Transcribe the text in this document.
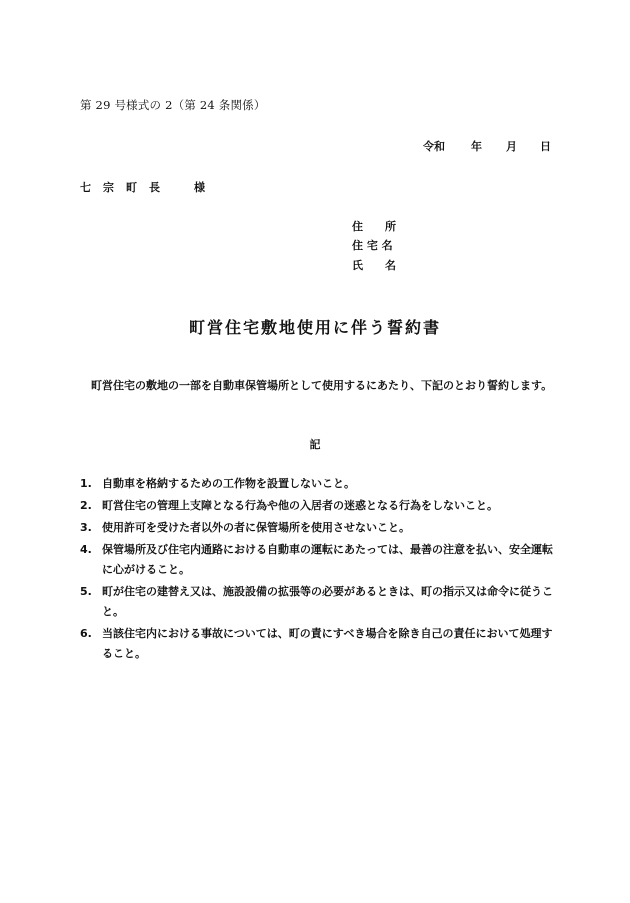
第 29 号様式の 2（第 24 条関係）
令和 年 月 日
七 宗 町 長	様
住　　所
住 宅 名
氏　　名
町営住宅敷地使用に伴う誓約書
町営住宅の敷地の一部を自動車保管場所として使用するにあたり、下記のとおり誓約します。
記
1. 自動車を格納するための工作物を設置しないこと。
2. 町営住宅の管理上支障となる行為や他の入居者の迷惑となる行為をしないこと。
3. 使用許可を受けた者以外の者に保管場所を使用させないこと。
4. 保管場所及び住宅内通路における自動車の運転にあたっては、最善の注意を払い、安全運転に心がけること。
5. 町が住宅の建替え又は、施設設備の拡張等の必要があるときは、町の指示又は命令に従うこと。
6. 当該住宅内における事故については、町の責にすべき場合を除き自己の責任において処理すること。
